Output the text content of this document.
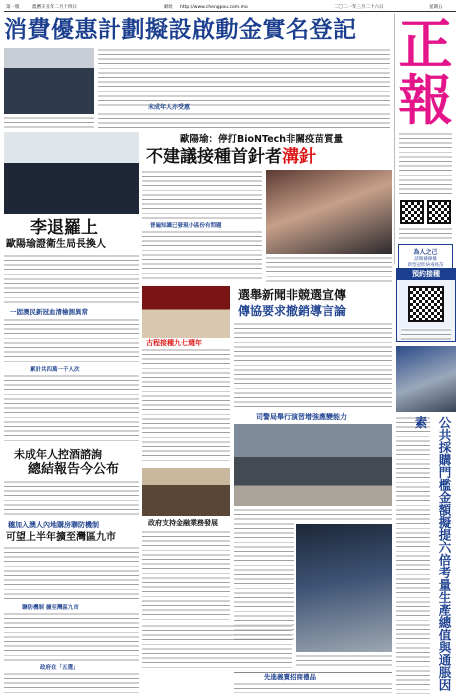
第一版	農曆辛丑年二月十四日	網址 http://www.chengpou.com.mo	二〇二一年三月二十六日	星期五
消費優惠計劃擬設啟動金實名登記 正
報
為人之己
請開禱操播
新型冠狀病毒疫苗
預約接種
公共採購門檻金額擬提六倍考量生產總值與通脹因素
未成年人亦受惠
李退羅上
歐陽瑜證衛生局長換人
一固澳民新冠血清檢測異常
累計共四萬一千人次
未成年人控酒諮詢
總結報告今公布
穗加入澳人內地購房聯防機制
可望上半年擴至灣區九市
聯防機制 擴至灣區九市
政府在「五選」
歐陽瑜：停打BioNTech非關疫苗質量
不建議接種首針者溝針
普遍知識已發現小區份有問題
古程接種九七週年
選舉新聞非競選宣傳
傳協要求撤銷導言論
司警局舉行演習增強應變能力
政府支持金融業務發展
先進義賣招商禮品
